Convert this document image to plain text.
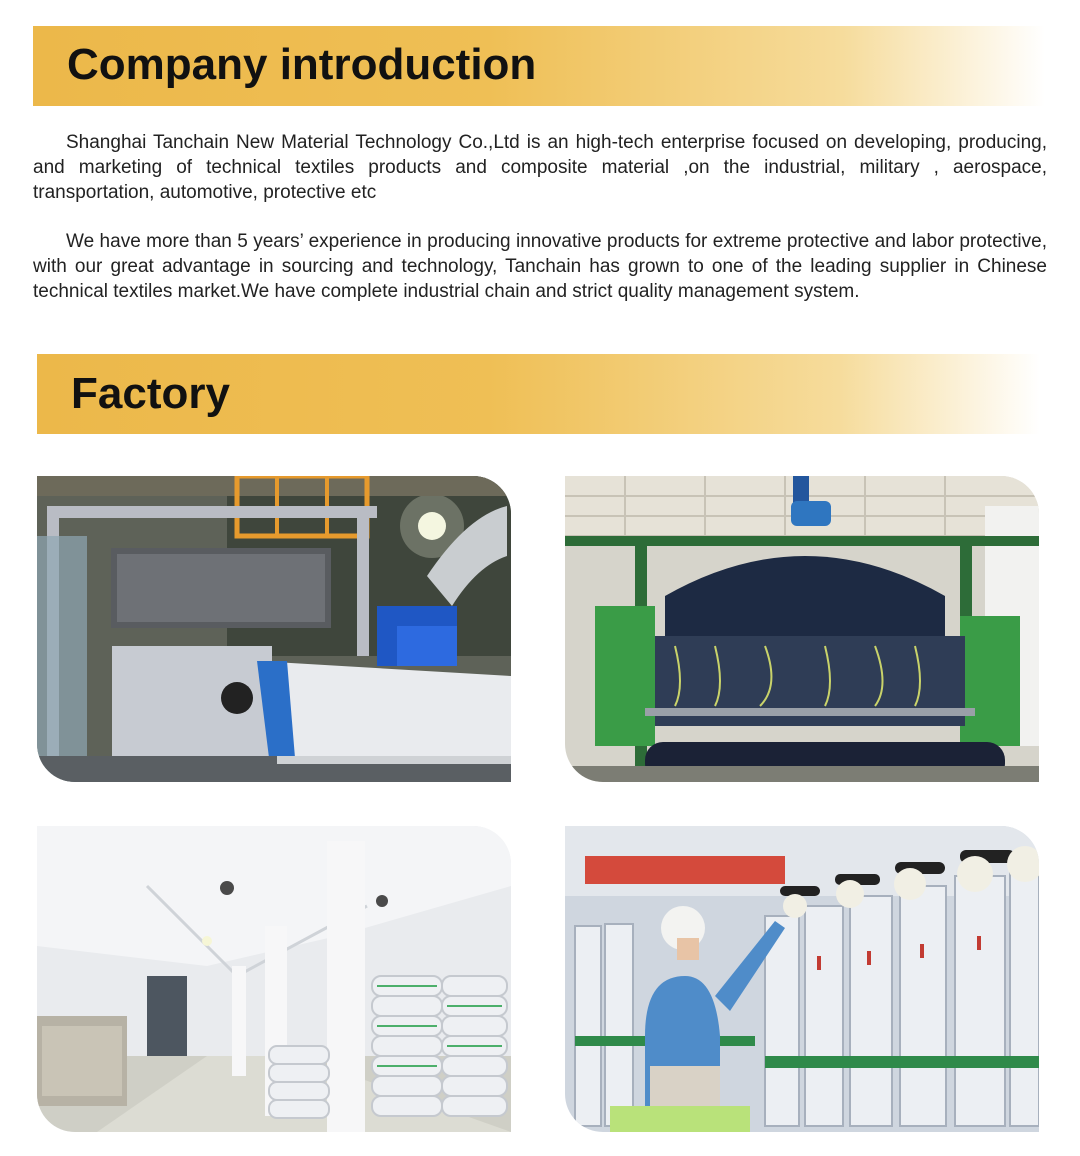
Company introduction

Shanghai Tanchain New Material Technology Co.,Ltd is an high-tech enterprise focused on developing, producing, and marketing of technical textiles products and composite material ,on the industrial, military , aerospace, transportation, automotive, protective etc

We have more than 5 years’ experience in producing innovative products for extreme protective and labor protective, with our great advantage in sourcing and technology, Tanchain has grown to one of the leading supplier in Chinese technical textiles market.We have complete industrial chain and strict quality management system.

Factory
